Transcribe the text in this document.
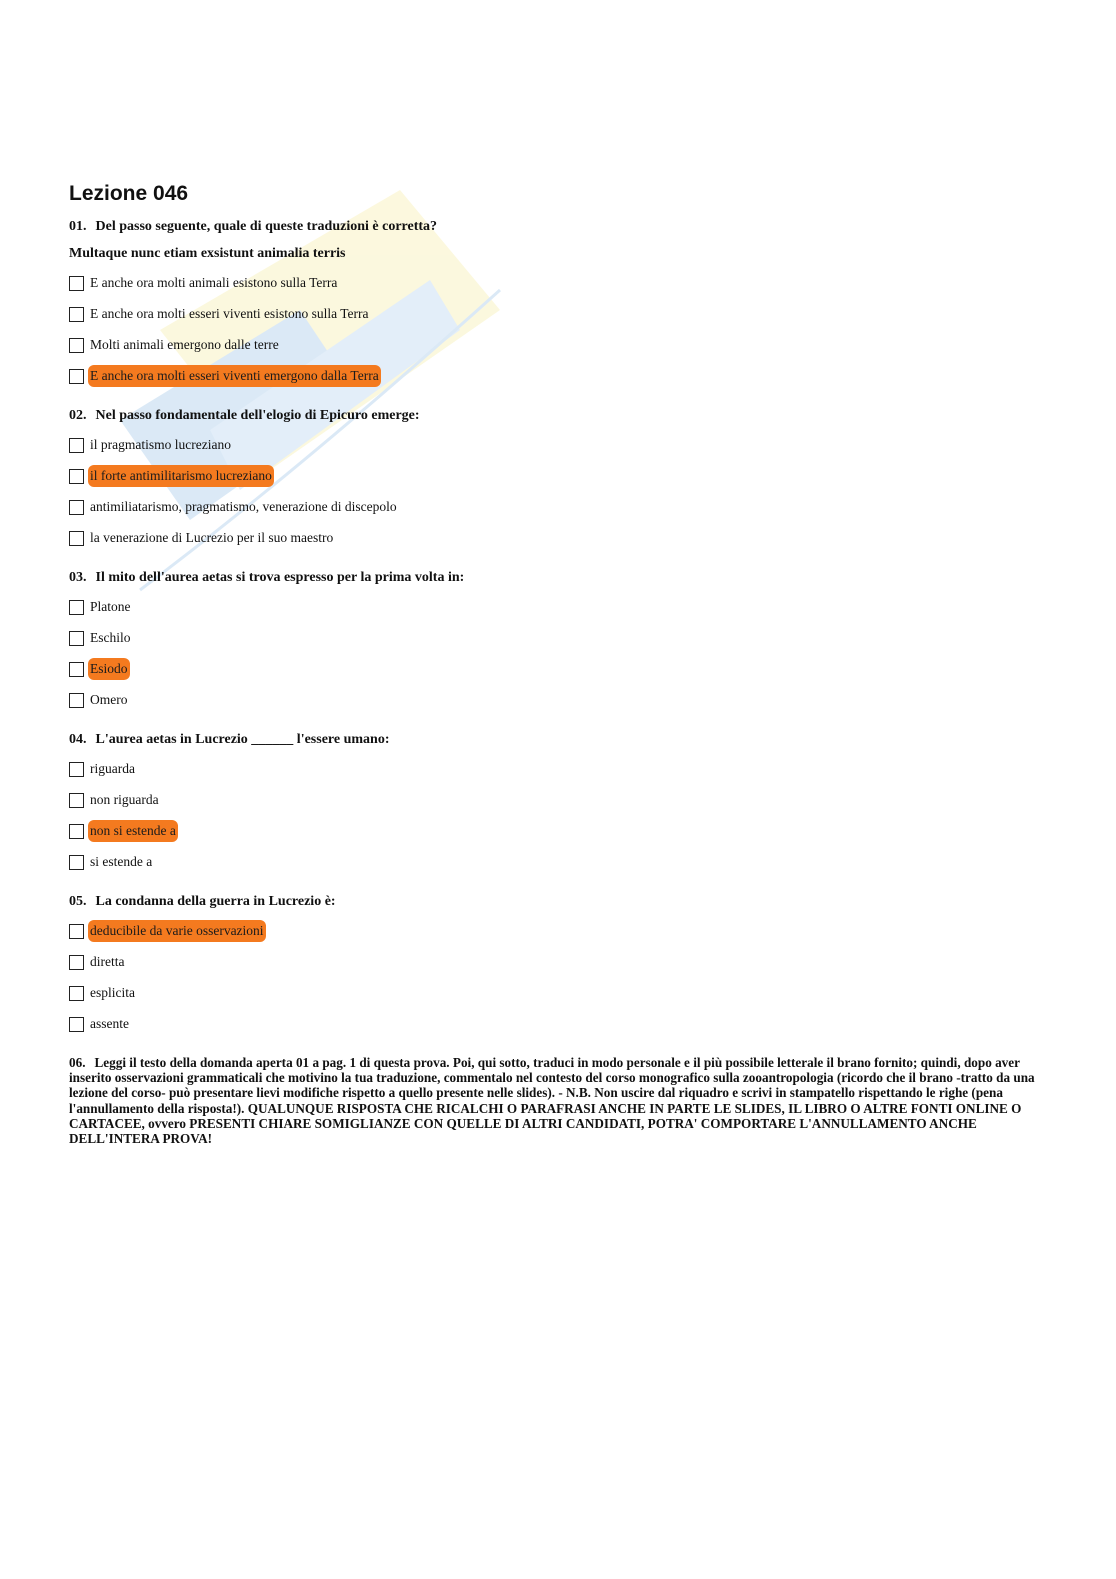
Lezione 046
01. Del passo seguente, quale di queste traduzioni è corretta?
Multaque nunc etiam exsistunt animalia terris
E anche ora molti animali esistono sulla Terra
E anche ora molti esseri viventi esistono sulla Terra
Molti animali emergono dalle terre
E anche ora molti esseri viventi emergono dalla Terra
02. Nel passo fondamentale dell'elogio di Epicuro emerge:
il pragmatismo lucreziano
il forte antimilitarismo lucreziano
antimiliatarismo, pragmatismo, venerazione di discepolo
la venerazione di Lucrezio per il suo maestro
03. Il mito dell'aurea aetas si trova espresso per la prima volta in:
Platone
Eschilo
Esiodo
Omero
04. L'aurea aetas in Lucrezio ______ l'essere umano:
riguarda
non riguarda
non si estende a
si estende a
05. La condanna della guerra in Lucrezio è:
deducibile da varie osservazioni
diretta
esplicita
assente
06. Leggi il testo della domanda aperta 01 a pag. 1 di questa prova. Poi, qui sotto, traduci in modo personale e il più possibile letterale il brano fornito; quindi, dopo aver inserito osservazioni grammaticali che motivino la tua traduzione, commentalo nel contesto del corso monografico sulla zooantropologia (ricordo che il brano -tratto da una lezione del corso- può presentare lievi modifiche rispetto a quello presente nelle slides). - N.B. Non uscire dal riquadro e scrivi in stampatello rispettando le righe (pena l'annullamento della risposta!). QUALUNQUE RISPOSTA CHE RICALCHI O PARAFRASI ANCHE IN PARTE LE SLIDES, IL LIBRO O ALTRE FONTI ONLINE O CARTACEE, ovvero PRESENTI CHIARE SOMIGLIANZE CON QUELLE DI ALTRI CANDIDATI, POTRA' COMPORTARE L'ANNULLAMENTO ANCHE DELL'INTERA PROVA!
